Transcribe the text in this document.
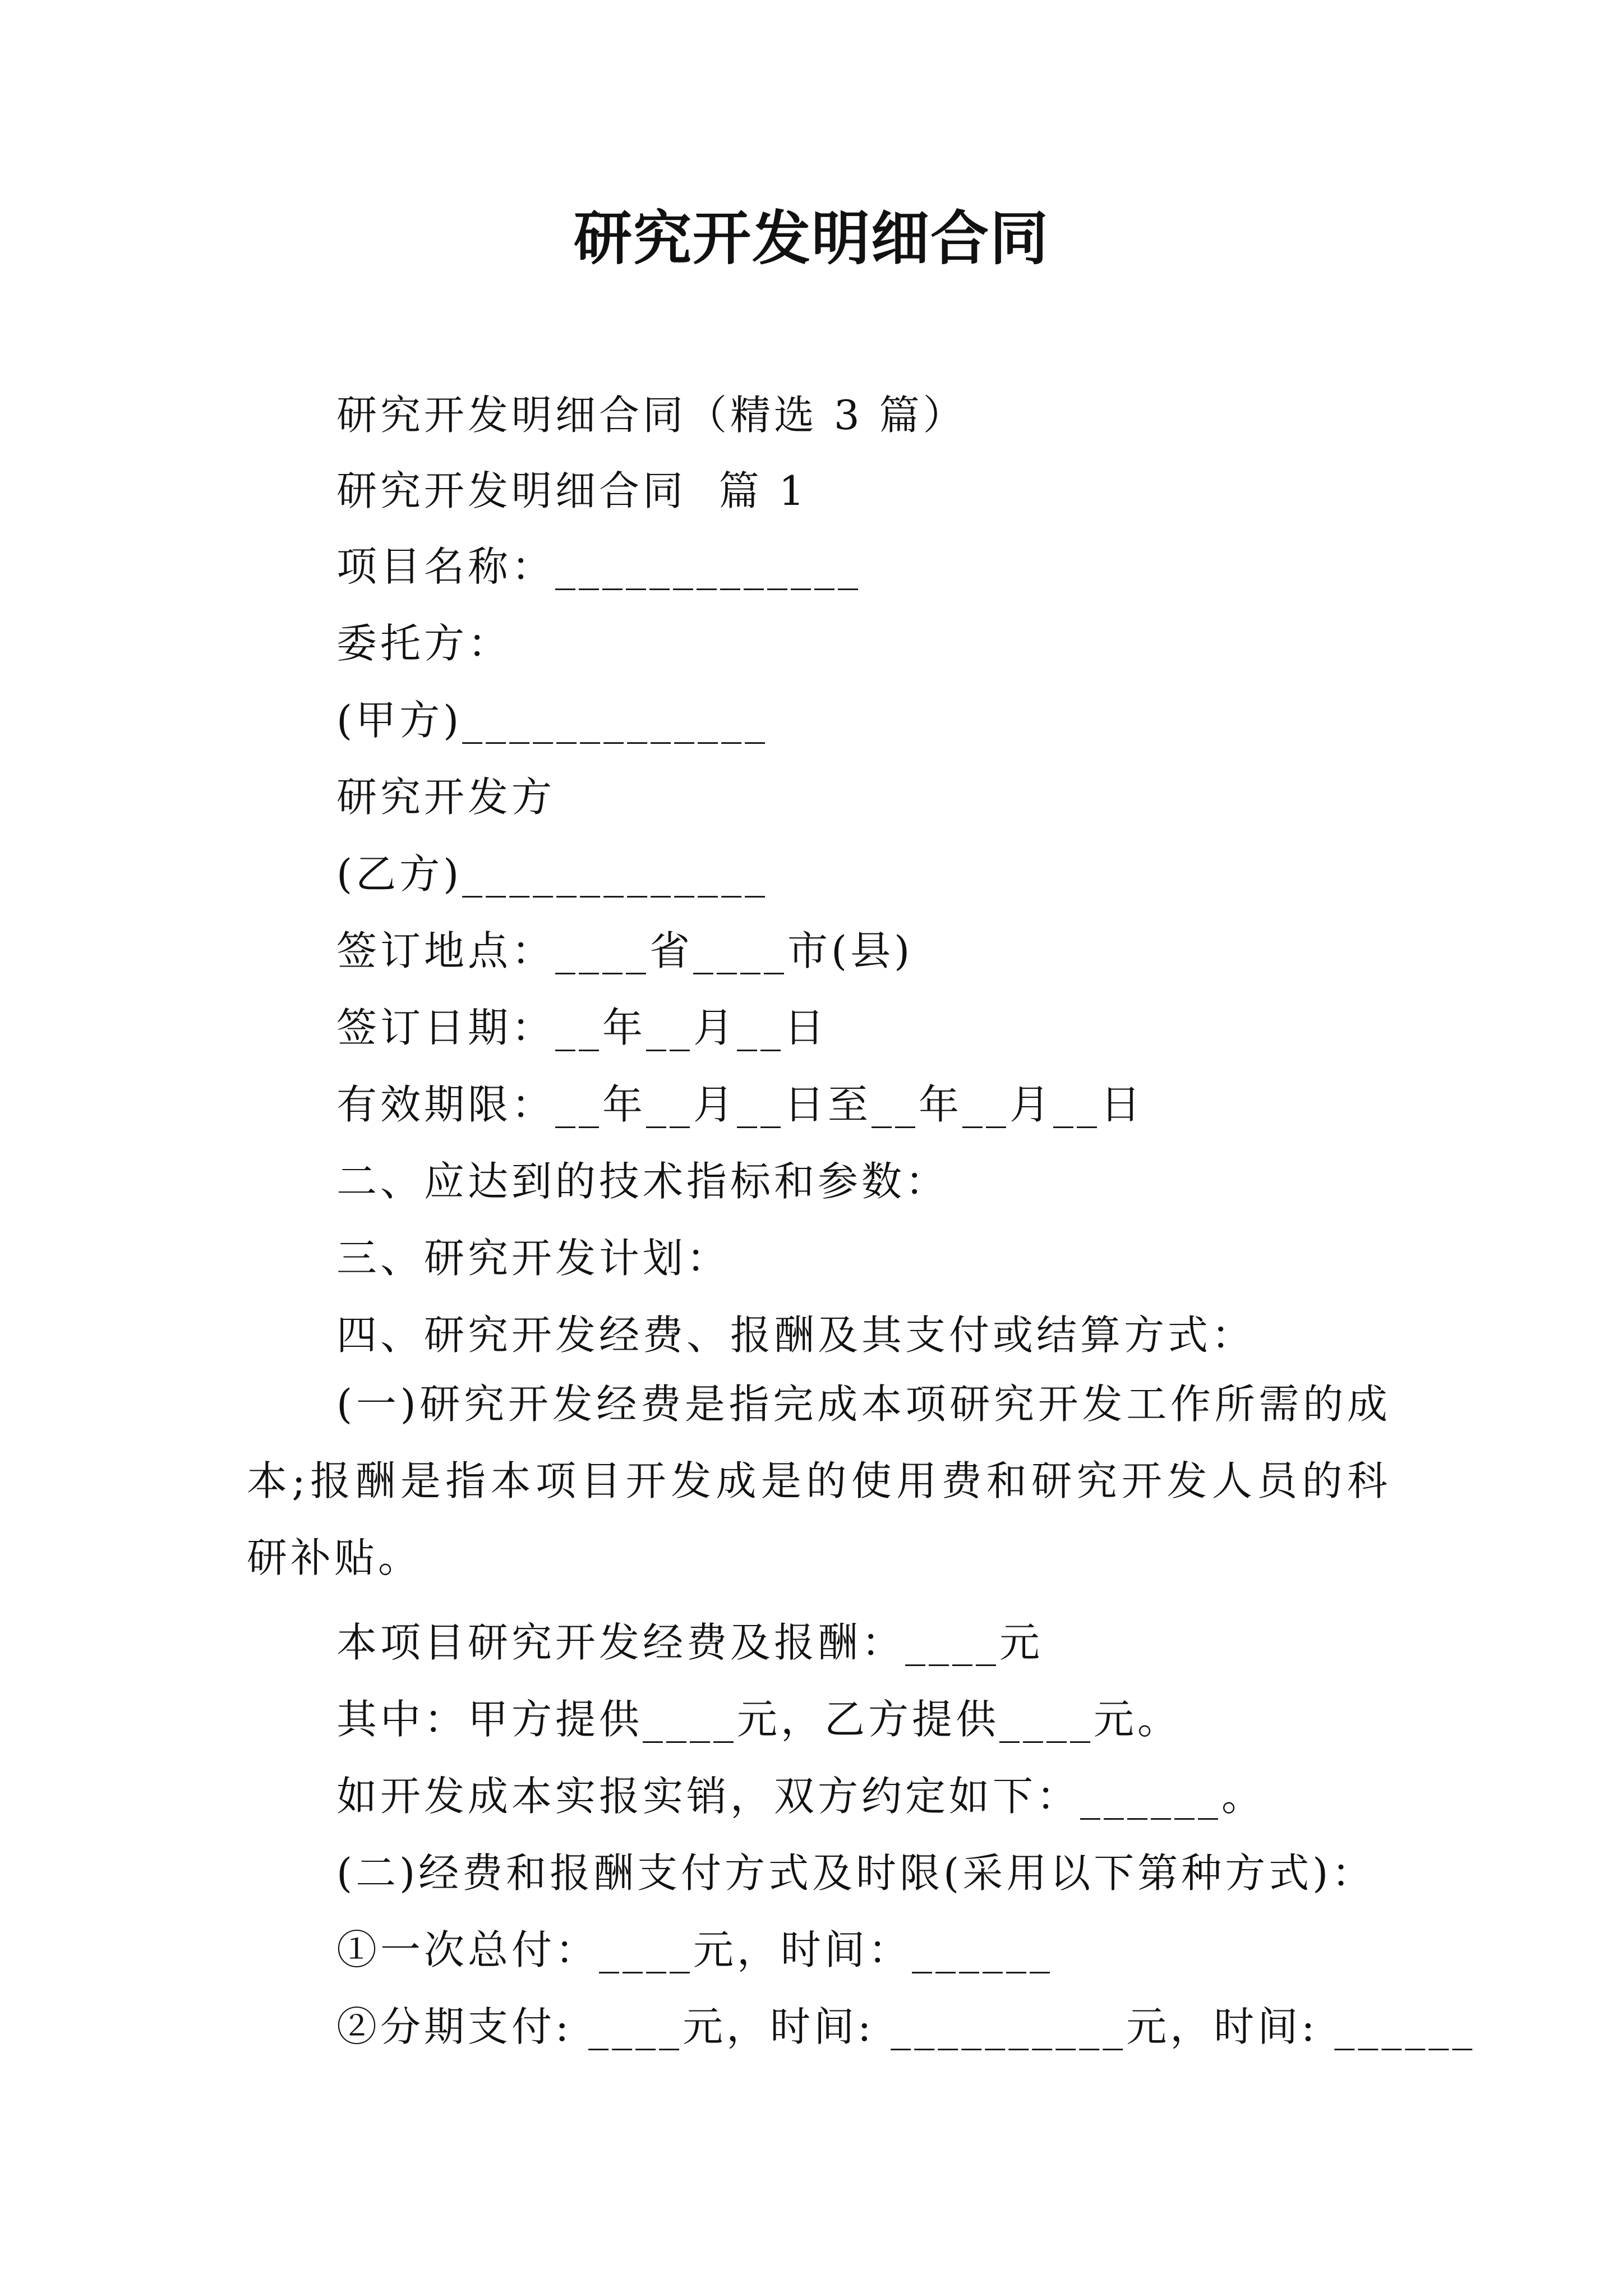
研究开发明细合同
研究开发明细合同（精选 3 篇）
研究开发明细合同  篇 1
项目名称：_____________
委托方：
(甲方)_____________
研究开发方
(乙方)_____________
签订地点：____省____市(县)
签订日期：__年__月__日
有效期限：__年__月__日至__年__月__日
二、应达到的技术指标和参数：
三、研究开发计划：
四、研究开发经费、报酬及其支付或结算方式：
(一)研究开发经费是指完成本项研究开发工作所需的成本;报酬是指本项目开发成是的使用费和研究开发人员的科研补贴。
本项目研究开发经费及报酬：____元
其中：甲方提供____元，乙方提供____元。
如开发成本实报实销，双方约定如下：______。
(二)经费和报酬支付方式及时限(采用以下第种方式)：
①一次总付：____元，时间：______
②分期支付: ____元，时间: __________元，时间: ______
